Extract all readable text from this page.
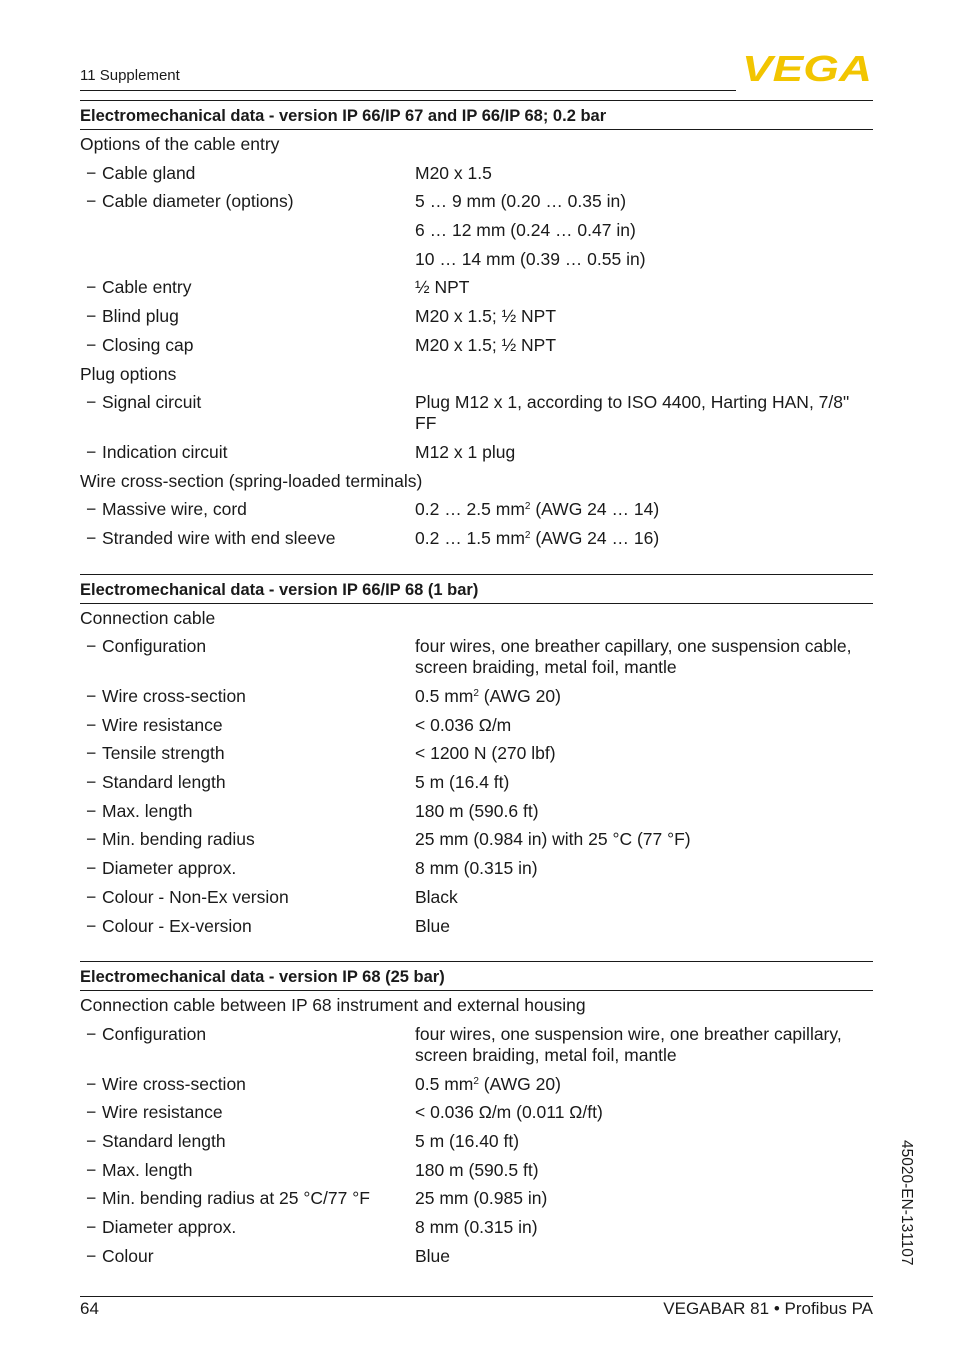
11 Supplement	VEGA
Electromechanical data - version IP 66/IP 67 and IP 66/IP 68; 0.2 bar
Options of the cable entry
− Cable gland	M20 x 1.5
− Cable diameter (options)	5 … 9 mm (0.20 … 0.35 in)
6 … 12 mm (0.24 … 0.47 in)
10 … 14 mm (0.39 … 0.55 in)
− Cable entry	½ NPT
− Blind plug	M20 x 1.5; ½ NPT
− Closing cap	M20 x 1.5; ½ NPT
Plug options
− Signal circuit	Plug M12 x 1, according to ISO 4400, Harting HAN, 7/8" FF
− Indication circuit	M12 x 1 plug
Wire cross-section (spring-loaded terminals)
− Massive wire, cord	0.2 … 2.5 $mm^2$ (AWG 24 … 14)
− Stranded wire with end sleeve	0.2 … 1.5 $mm^2$ (AWG 24 … 16)
Electromechanical data - version IP 66/IP 68 (1 bar)
Connection cable
− Configuration	four wires, one breather capillary, one suspension cable, screen braiding, metal foil, mantle
− Wire cross-section	0.5 $mm^2$ (AWG 20)
− Wire resistance	< 0.036 Ω/m
− Tensile strength	< 1200 N (270 lbf)
− Standard length	5 m (16.4 ft)
− Max. length	180 m (590.6 ft)
− Min. bending radius	25 mm (0.984 in) with 25 °C (77 °F)
− Diameter approx.	8 mm (0.315 in)
− Colour - Non-Ex version	Black
− Colour - Ex-version	Blue
Electromechanical data - version IP 68 (25 bar)
Connection cable between IP 68 instrument and external housing
− Configuration	four wires, one suspension wire, one breather capillary, screen braiding, metal foil, mantle
− Wire cross-section	0.5 $mm^2$ (AWG 20)
− Wire resistance	< 0.036 Ω/m (0.011 Ω/ft)
− Standard length	5 m (16.40 ft)
− Max. length	180 m (590.5 ft)
− Min. bending radius at 25 °C/77 °F	25 mm (0.985 in)
− Diameter approx.	8 mm (0.315 in)
− Colour	Blue	45020-EN-131107
64	VEGABAR 81 • Profibus PA
